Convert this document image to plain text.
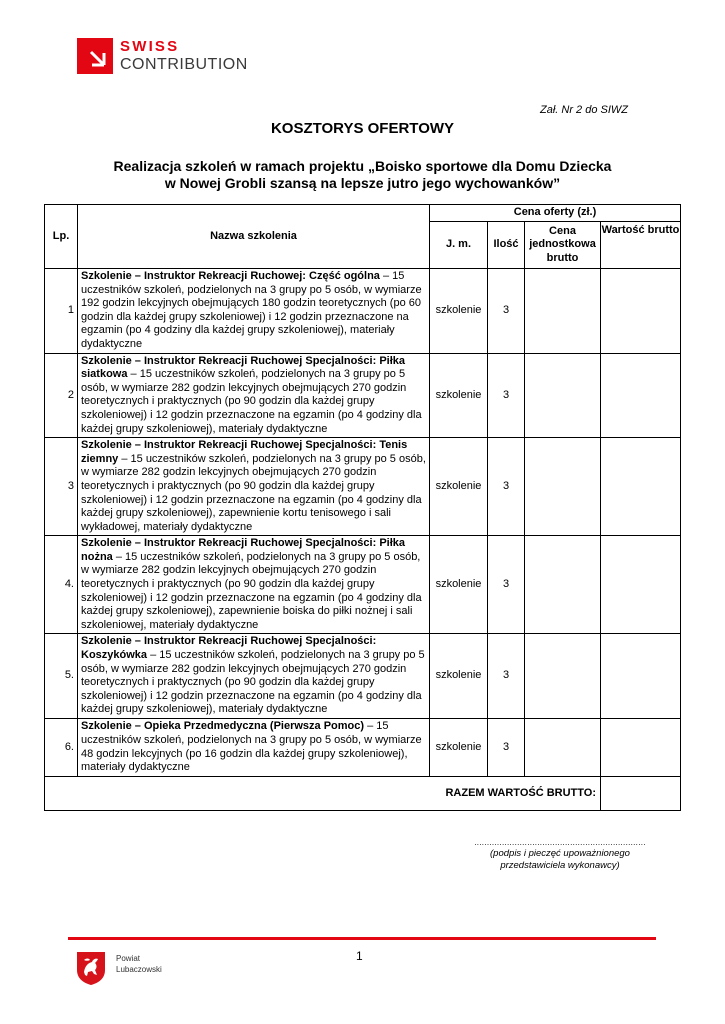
SWISS
CONTRIBUTION
Zał. Nr 2 do SIWZ
KOSZTORYS OFERTOWY
Realizacja szkoleń w ramach projektu „Boisko sportowe dla Domu Dziecka
w Nowej Grobli szansą na lepsze jutro jego wychowanków”
Lp.	Nazwa szkolenia	Cena oferty (zł.)			
		J. m.	Ilość	Cena jednostkowa brutto	Wartość brutto
1	Szkolenie – Instruktor Rekreacji Ruchowej: Część ogólna – 15 uczestników szkoleń, podzielonych na 3 grupy po 5 osób, w wymiarze 192 godzin lekcyjnych obejmujących 180 godzin teoretycznych (po 60 godzin dla każdej grupy szkoleniowej) i 12 godzin przeznaczone na egzamin (po 4 godziny dla każdej grupy szkoleniowej), materiały dydaktyczne	szkolenie	3		
2	Szkolenie – Instruktor Rekreacji Ruchowej Specjalności: Piłka siatkowa – 15 uczestników szkoleń, podzielonych na 3 grupy po 5 osób, w wymiarze 282 godzin lekcyjnych obejmujących 270 godzin teoretycznych i praktycznych (po 90 godzin dla każdej grupy szkoleniowej) i 12 godzin przeznaczone na egzamin (po 4 godziny dla każdej grupy szkoleniowej), materiały dydaktyczne	szkolenie	3		
3	Szkolenie – Instruktor Rekreacji Ruchowej Specjalności: Tenis ziemny – 15 uczestników szkoleń, podzielonych na 3 grupy po 5 osób, w wymiarze 282 godzin lekcyjnych obejmujących 270 godzin teoretycznych i praktycznych (po 90 godzin dla każdej grupy szkoleniowej) i 12 godzin przeznaczone na egzamin (po 4 godziny dla każdej grupy szkoleniowej), zapewnienie kortu tenisowego i sali wykładowej, materiały dydaktyczne	szkolenie	3		
4.	Szkolenie – Instruktor Rekreacji Ruchowej Specjalności: Piłka nożna – 15 uczestników szkoleń, podzielonych na 3 grupy po 5 osób, w wymiarze 282 godzin lekcyjnych obejmujących 270 godzin teoretycznych i praktycznych (po 90 godzin dla każdej grupy szkoleniowej) i 12 godzin przeznaczone na egzamin (po 4 godziny dla każdej grupy szkoleniowej), zapewnienie boiska do piłki nożnej i sali szkoleniowej, materiały dydaktyczne	szkolenie	3		
5.	Szkolenie – Instruktor Rekreacji Ruchowej Specjalności: Koszykówka – 15 uczestników szkoleń, podzielonych na 3 grupy po 5 osób, w wymiarze 282 godzin lekcyjnych obejmujących 270 godzin teoretycznych i praktycznych (po 90 godzin dla każdej grupy szkoleniowej) i 12 godzin przeznaczone na egzamin (po 4 godziny dla każdej grupy szkoleniowej), materiały dydaktyczne	szkolenie	3		
6.	Szkolenie – Opieka Przedmedyczna (Pierwsza Pomoc) – 15 uczestników szkoleń, podzielonych na 3 grupy po 5 osób, w wymiarze 48 godzin lekcyjnych (po 16 godzin dla każdej grupy szkoleniowej), materiały dydaktyczne	szkolenie	3		
RAZEM WARTOŚĆ BRUTTO:					
....................................................................
(podpis i pieczęć upoważnionego
przedstawiciela wykonawcy)
Powiat
Lubaczowski
1
